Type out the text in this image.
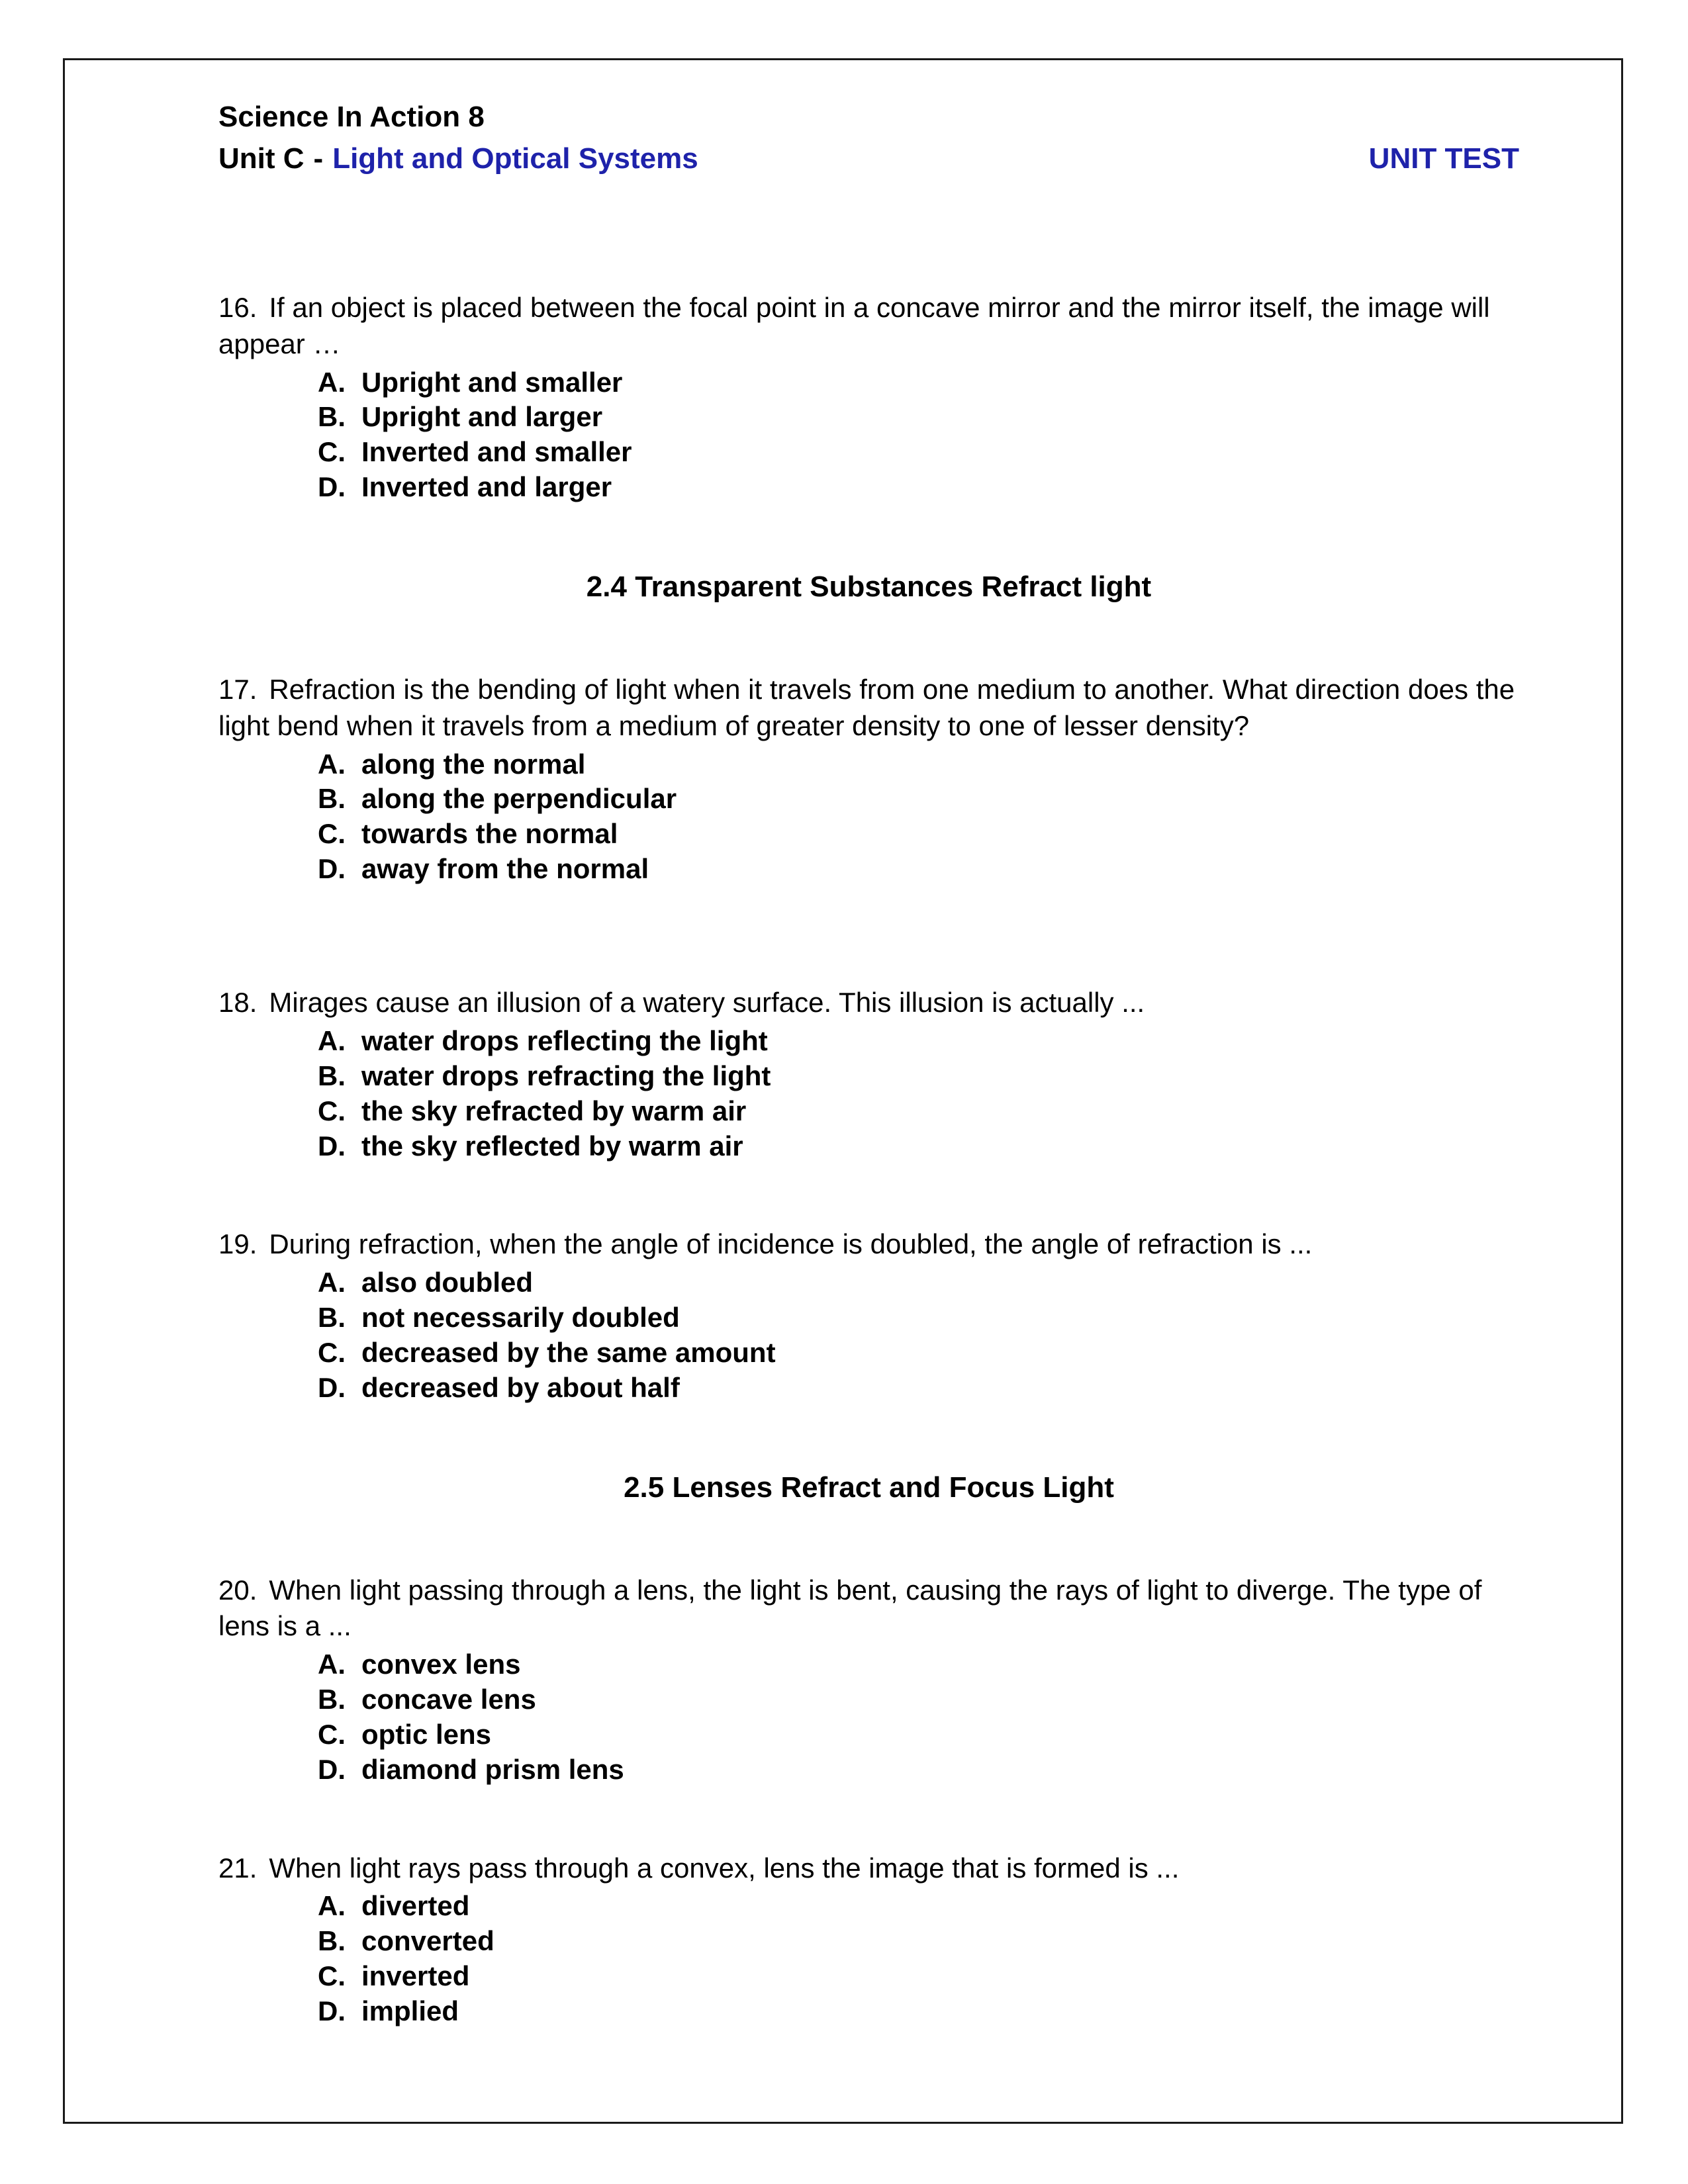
Science In Action 8
Unit C - Light and Optical Systems	UNIT TEST

16. If an object is placed between the focal point in a concave mirror and the mirror itself, the image will appear …

A. Upright and smaller
B. Upright and larger
C. Inverted and smaller
D. Inverted and larger
2.4 Transparent Substances Refract light

17. Refraction is the bending of light when it travels from one medium to another. What direction does the light bend when it travels from a medium of greater density to one of lesser density?

A. along the normal
B. along the perpendicular
C. towards the normal
D. away from the normal

18. Mirages cause an illusion of a watery surface. This illusion is actually ...

A. water drops reflecting the light
B. water drops refracting the light
C. the sky refracted by warm air
D. the sky reflected by warm air

19. During refraction, when the angle of incidence is doubled, the angle of refraction is ...

A. also doubled
B. not necessarily doubled
C. decreased by the same amount
D. decreased by about half
2.5 Lenses Refract and Focus Light

20. When light passing through a lens, the light is bent, causing the rays of light to diverge. The type of lens is a ...

A. convex lens
B. concave lens
C. optic lens
D. diamond prism lens

21. When light rays pass through a convex, lens the image that is formed is ...

A. diverted
B. converted
C. inverted
D. implied
